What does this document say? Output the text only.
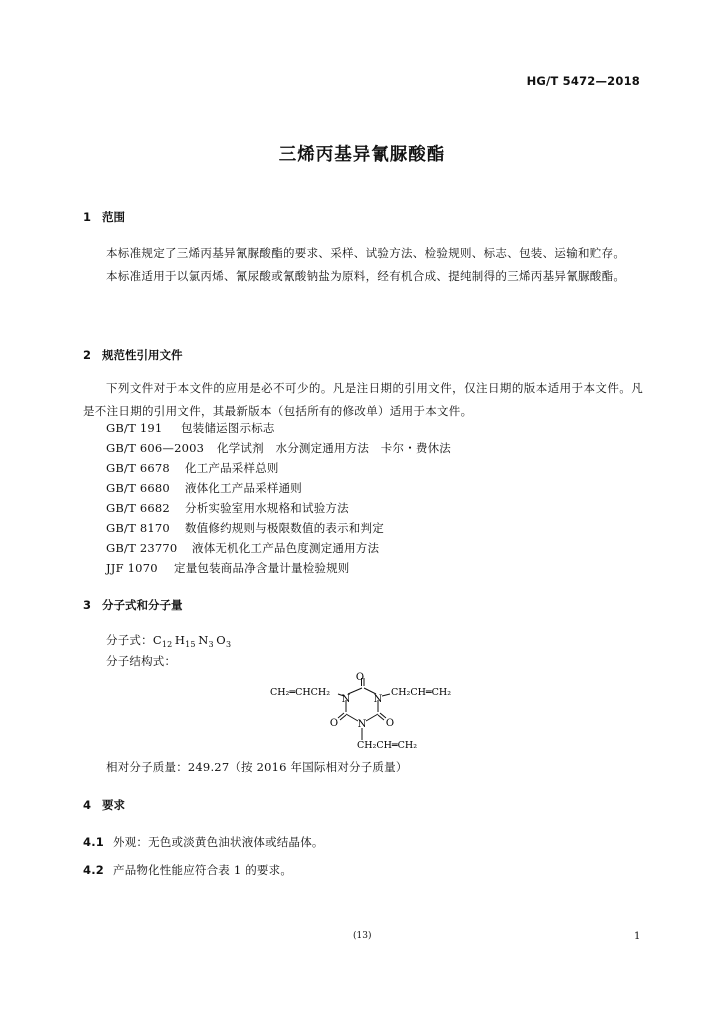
HG/T 5472—2018
三烯丙基异氰脲酸酯
1 范围

本标准规定了三烯丙基异氰脲酸酯的要求、采样、试验方法、检验规则、标志、包装、运输和贮存。

本标准适用于以氯丙烯、氰尿酸或氰酸钠盐为原料，经有机合成、提纯制得的三烯丙基异氰脲酸酯。

2 规范性引用文件

下列文件对于本文件的应用是必不可少的。凡是注日期的引用文件，仅注日期的版本适用于本文件。凡是不注日期的引用文件，其最新版本（包括所有的修改单）适用于本文件。

GB/T 191 包装储运图示标志
GB/T 606—2003 化学试剂　水分测定通用方法　卡尔・费休法
GB/T 6678 化工产品采样总则
GB/T 6680 液体化工产品采样通则
GB/T 6682 分析实验室用水规格和试验方法
GB/T 8170 数值修约规则与极限数值的表示和判定
GB/T 23770 液体无机化工产品色度测定通用方法
JJF 1070 定量包装商品净含量计量检验规则
3 分子式和分子量
分子式：$C_{12}$  $H_{15}$  $N_3$  $O_3$
分子结构式：
O
N
N
N
O	O
CH₂═CHCH₂	CH₂CH═CH₂
CH₂CH═CH₂
相对分子质量：249.27（按 2016 年国际相对分子质量）
4 要求
4.1 外观：无色或淡黄色油状液体或结晶体。
4.2 产品物化性能应符合表 1 的要求。
(13)	1
